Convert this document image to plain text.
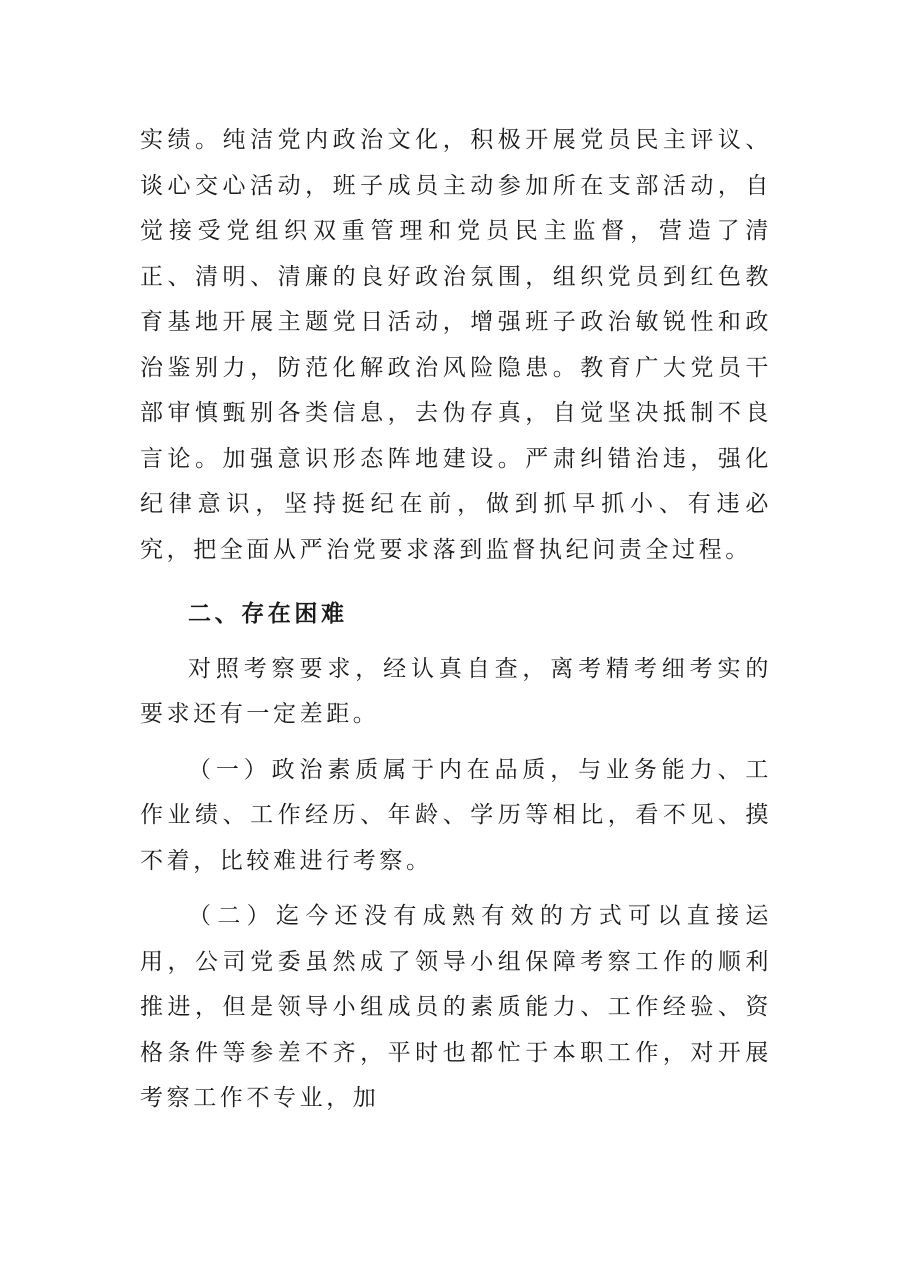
实绩。纯洁党内政治文化，积极开展党员民主评议、谈心交心活动，班子成员主动参加所在支部活动，自觉接受党组织双重管理和党员民主监督，营造了清正、清明、清廉的良好政治氛围，组织党员到红色教育基地开展主题党日活动，增强班子政治敏锐性和政治鉴别力，防范化解政治风险隐患。教育广大党员干部审慎甄别各类信息，去伪存真，自觉坚决抵制不良言论。加强意识形态阵地建设。严肃纠错治违，强化纪律意识，坚持挺纪在前，做到抓早抓小、有违必究，把全面从严治党要求落到监督执纪问责全过程。

二、存在困难

对照考察要求，经认真自查，离考精考细考实的要求还有一定差距。

（一）政治素质属于内在品质，与业务能力、工作业绩、工作经历、年龄、学历等相比，看不见、摸不着，比较难进行考察。

（二）迄今还没有成熟有效的方式可以直接运用，公司党委虽然成了领导小组保障考察工作的顺利推进，但是领导小组成员的素质能力、工作经验、资格条件等参差不齐，平时也都忙于本职工作，对开展考察工作不专业，加
